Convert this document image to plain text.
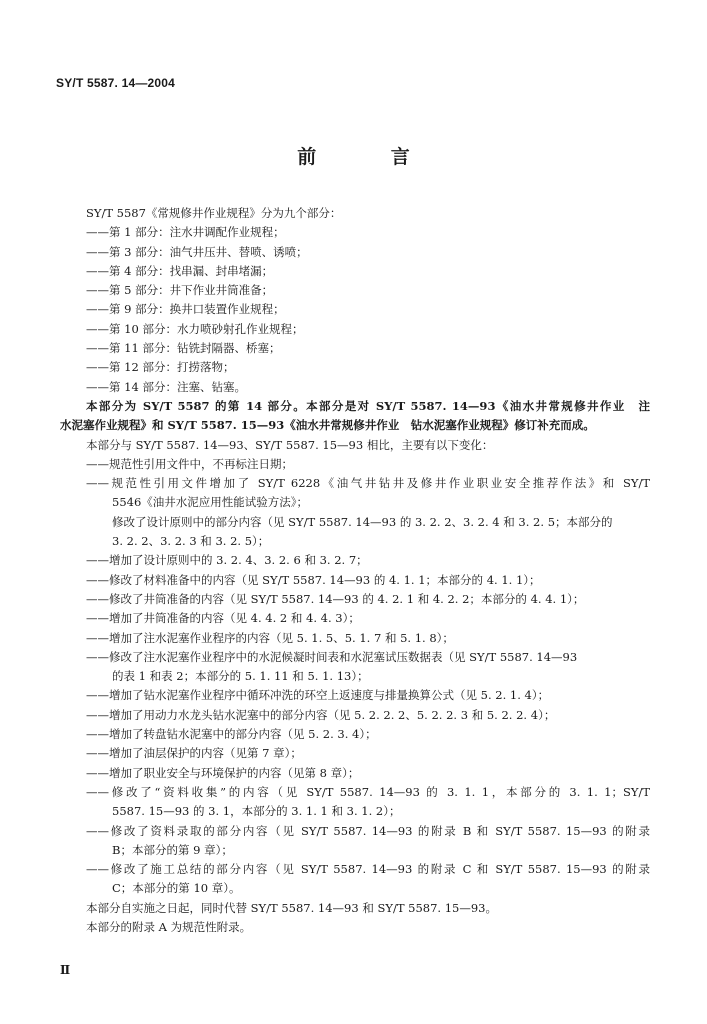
SY/T 5587. 14—2004
前 言
SY/T 5587《常规修井作业规程》分为九个部分：
——第 1 部分：注水井调配作业规程；
——第 3 部分：油气井压井、替喷、诱喷；
——第 4 部分：找串漏、封串堵漏；
——第 5 部分：井下作业井筒准备；
——第 9 部分：换井口装置作业规程；
——第 10 部分：水力喷砂射孔作业规程；
——第 11 部分：钻铣封隔器、桥塞；
——第 12 部分：打捞落物；
——第 14 部分：注塞、钻塞。
本部分为 SY/T 5587 的第 14 部分。本部分是对 SY/T 5587. 14—93《油水井常规修井作业　注
水泥塞作业规程》和 SY/T 5587. 15—93《油水井常规修井作业　钻水泥塞作业规程》修订补充而成。
本部分与 SY/T 5587. 14—93、SY/T 5587. 15—93 相比，主要有以下变化：
——规范性引用文件中，不再标注日期；
——规范性引用文件增加了 SY/T 6228《油气井钻井及修井作业职业安全推荐作法》和 SY/T
5546《油井水泥应用性能试验方法》；
修改了设计原则中的部分内容（见 SY/T 5587. 14—93 的 3. 2. 2、3. 2. 4 和 3. 2. 5；本部分的
3. 2. 2、3. 2. 3 和 3. 2. 5）；
——增加了设计原则中的 3. 2. 4、3. 2. 6 和 3. 2. 7；
——修改了材料准备中的内容（见 SY/T 5587. 14—93 的 4. 1. 1；本部分的 4. 1. 1）；
——修改了井筒准备的内容（见 SY/T 5587. 14—93 的 4. 2. 1 和 4. 2. 2；本部分的 4. 4. 1）；
——增加了井筒准备的内容（见 4. 4. 2 和 4. 4. 3）；
——增加了注水泥塞作业程序的内容（见 5. 1. 5、5. 1. 7 和 5. 1. 8）；
——修改了注水泥塞作业程序中的水泥候凝时间表和水泥塞试压数据表（见 SY/T 5587. 14—93
的表 1 和表 2；本部分的 5. 1. 11 和 5. 1. 13）；
——增加了钻水泥塞作业程序中循环冲洗的环空上返速度与排量换算公式（见 5. 2. 1. 4）；
——增加了用动力水龙头钻水泥塞中的部分内容（见 5. 2. 2. 2、5. 2. 2. 3 和 5. 2. 2. 4）；
——增加了转盘钻水泥塞中的部分内容（见 5. 2. 3. 4）；
——增加了油层保护的内容（见第 7 章）；
——增加了职业安全与环境保护的内容（见第 8 章）；
——修改了“资料收集”的内容（见 SY/T 5587. 14—93 的 3. 1. 1，本部分的 3. 1. 1；SY/T
5587. 15—93 的 3. 1，本部分的 3. 1. 1 和 3. 1. 2）；
——修改了资料录取的部分内容（见 SY/T 5587. 14—93 的附录 B 和 SY/T 5587. 15—93 的附录
B；本部分的第 9 章）；
——修改了施工总结的部分内容（见 SY/T 5587. 14—93 的附录 C 和 SY/T 5587. 15—93 的附录
C；本部分的第 10 章）。
本部分自实施之日起，同时代替 SY/T 5587. 14—93 和 SY/T 5587. 15—93。
本部分的附录 A 为规范性附录。
Ⅱ
